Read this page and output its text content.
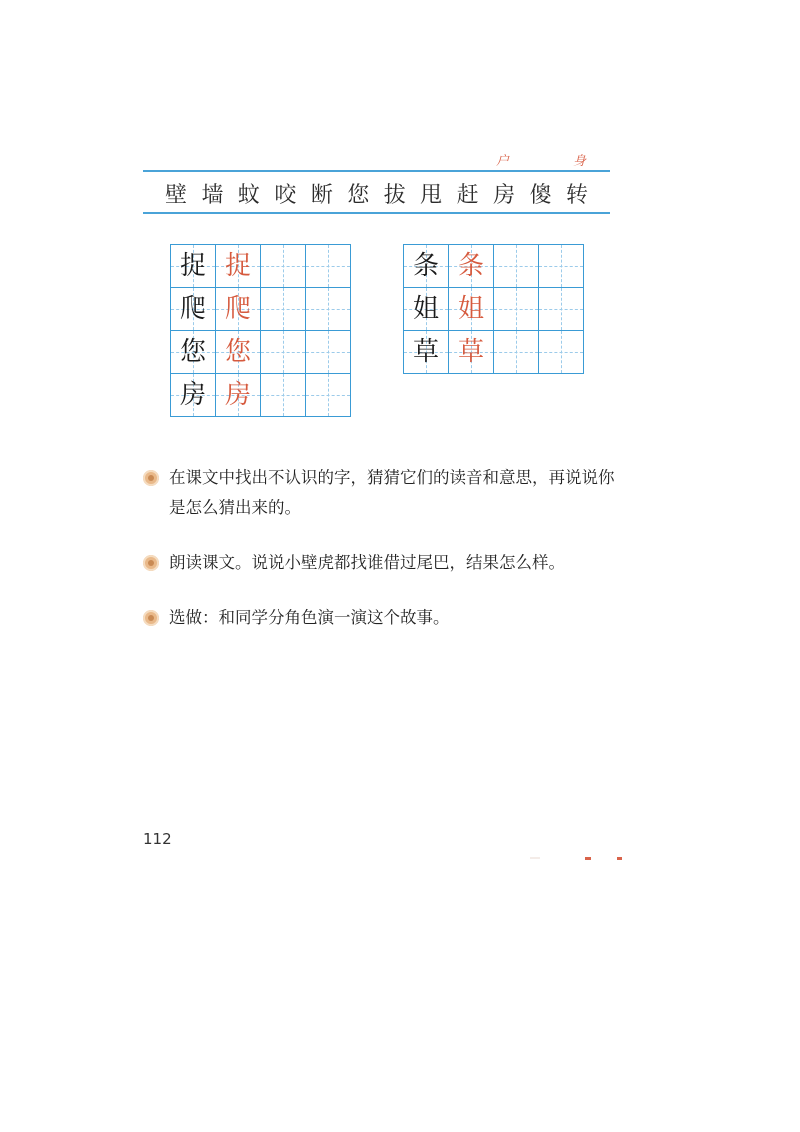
户	身
壁 墙 蚊 咬 断 您 拔 甩 赶 房 傻 转
捉 捉
爬 爬
您 您
房 房
条 条
姐 姐
草 草
在课文中找出不认识的字，猜猜它们的读音和意思，再说说你是怎么猜出来的。
朗读课文。说说小壁虎都找谁借过尾巴，结果怎么样。
选做：和同学分角色演一演这个故事。
112
